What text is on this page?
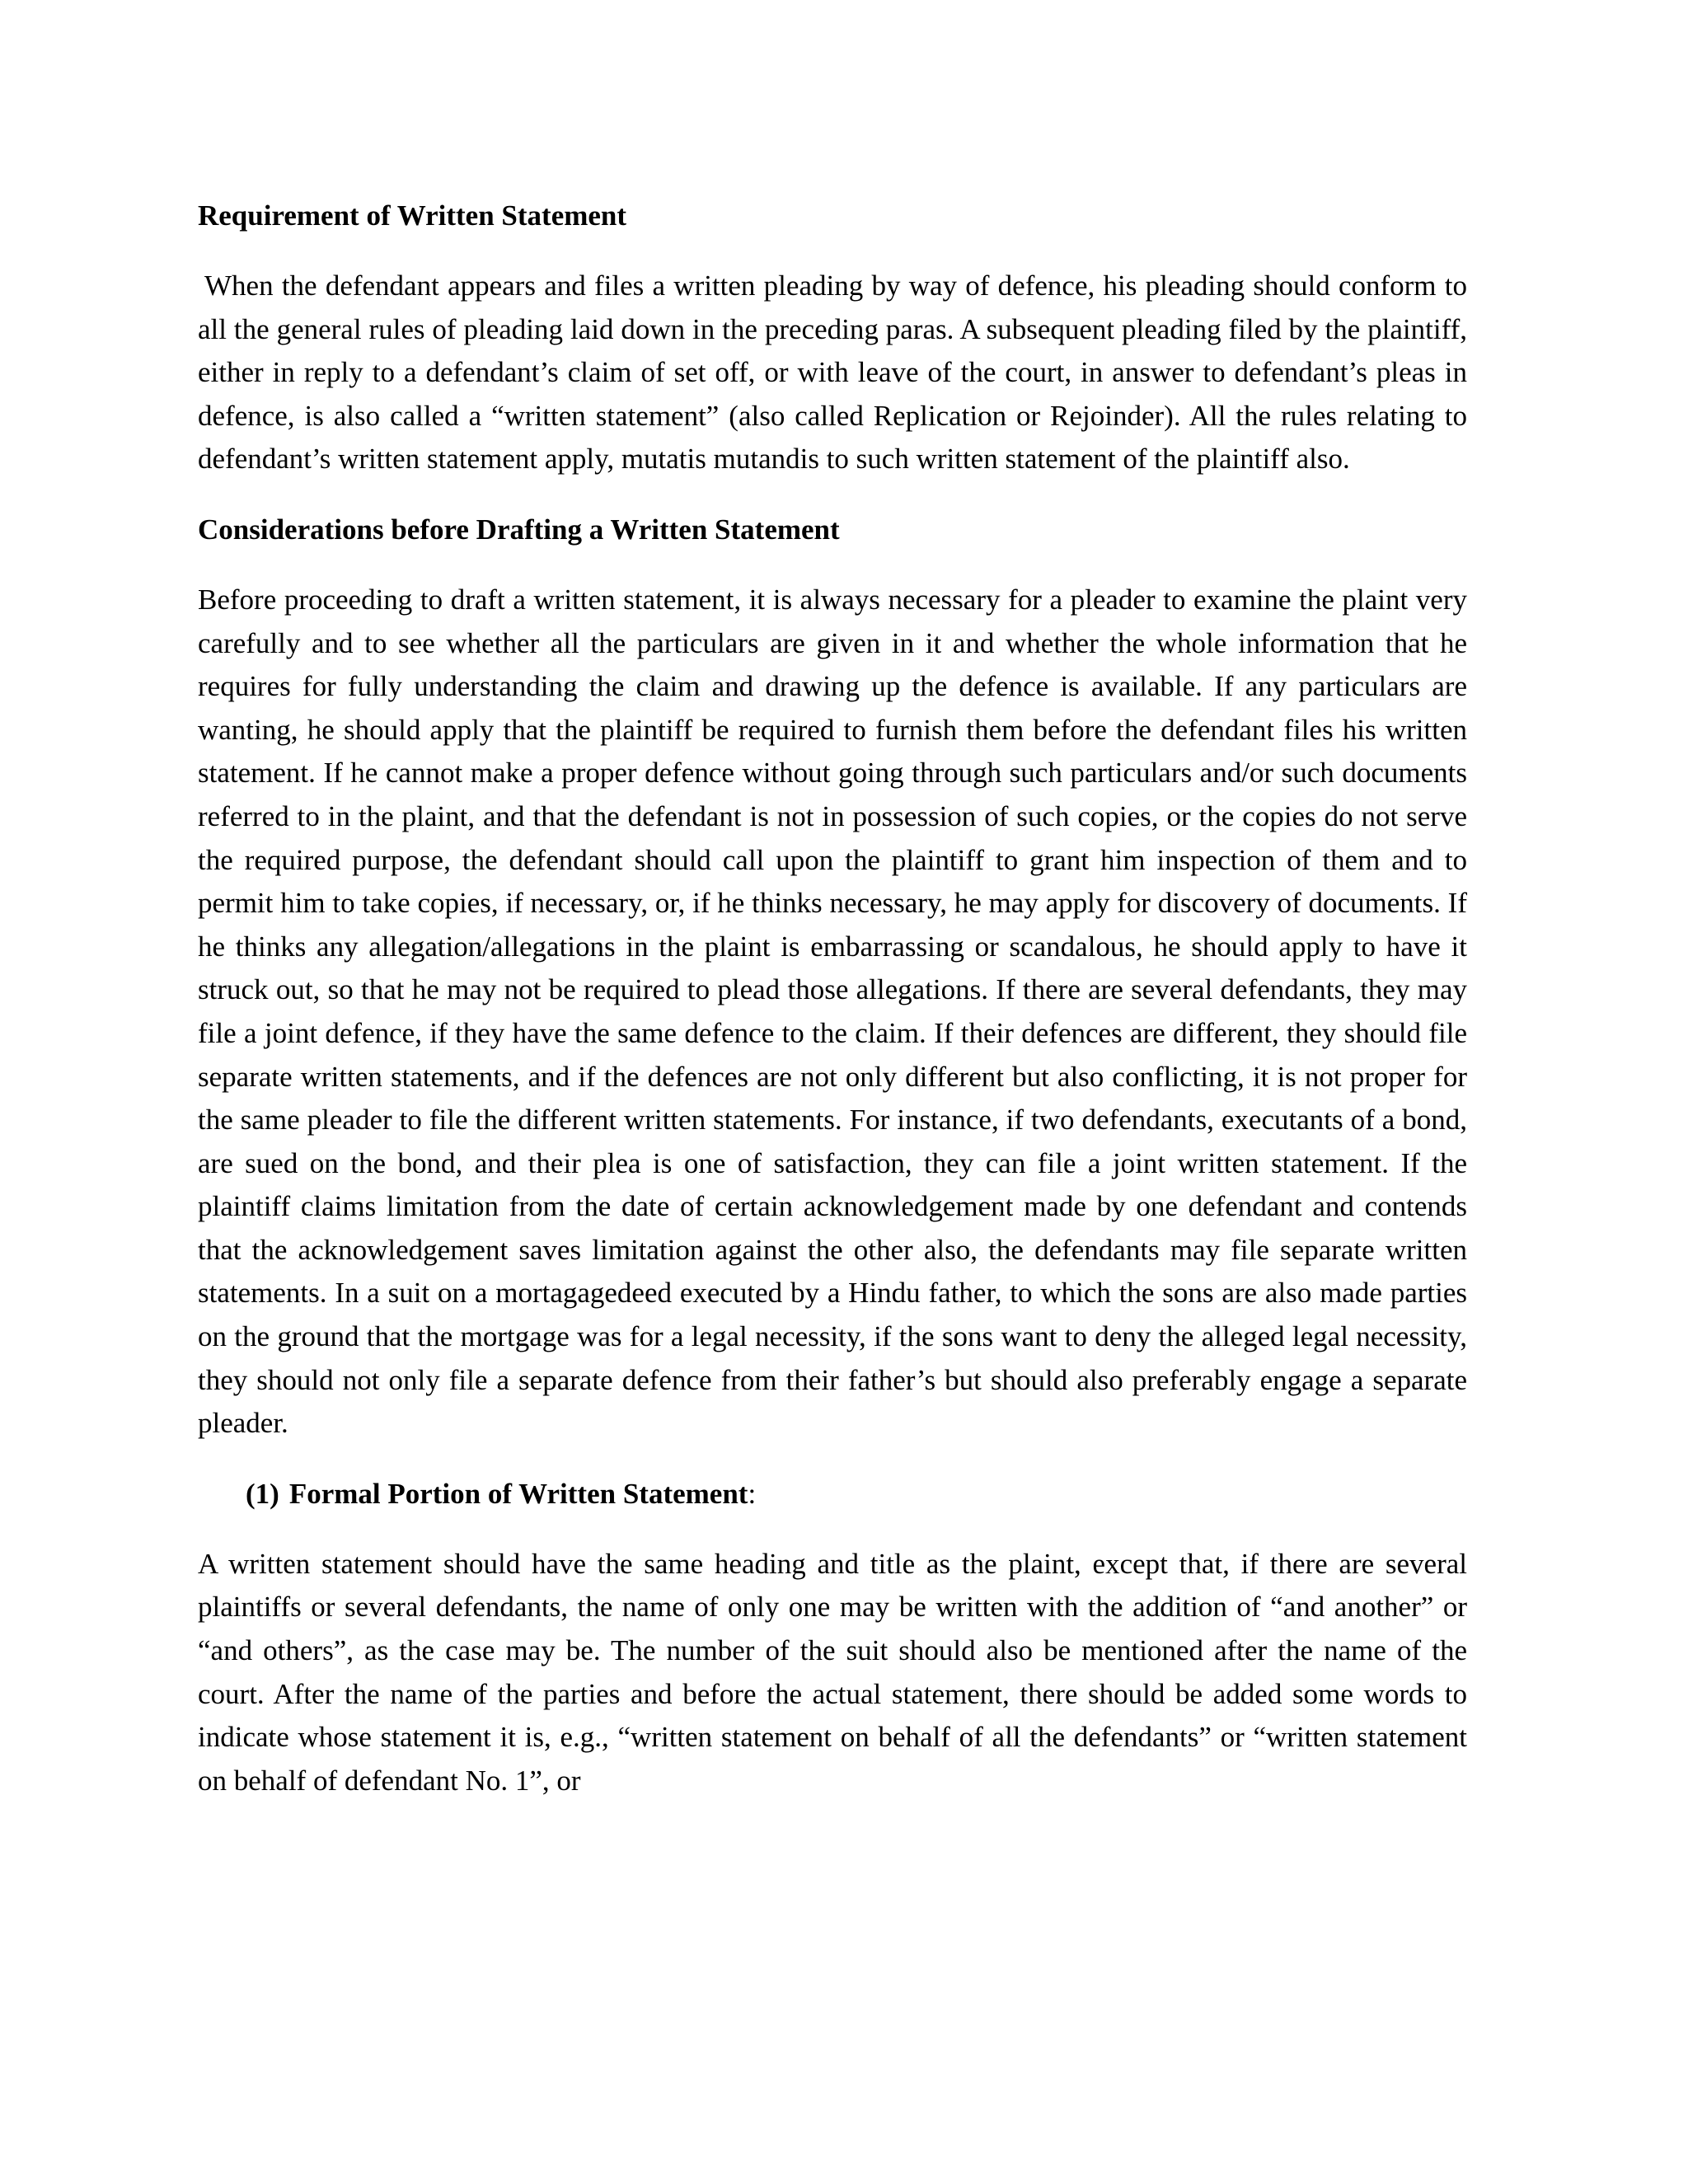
Requirement of Written Statement

When the defendant appears and files a written pleading by way of defence, his pleading should conform to all the general rules of pleading laid down in the preceding paras. A subsequent pleading filed by the plaintiff, either in reply to a defendant’s claim of set off, or with leave of the court, in answer to defendant’s pleas in defence, is also called a “written statement” (also called Replication or Rejoinder). All the rules relating to defendant’s written statement apply, mutatis mutandis to such written statement of the plaintiff also.

Considerations before Drafting a Written Statement

Before proceeding to draft a written statement, it is always necessary for a pleader to examine the plaint very carefully and to see whether all the particulars are given in it and whether the whole information that he requires for fully understanding the claim and drawing up the defence is available. If any particulars are wanting, he should apply that the plaintiff be required to furnish them before the defendant files his written statement. If he cannot make a proper defence without going through such particulars and/or such documents referred to in the plaint, and that the defendant is not in possession of such copies, or the copies do not serve the required purpose, the defendant should call upon the plaintiff to grant him inspection of them and to permit him to take copies, if necessary, or, if he thinks necessary, he may apply for discovery of documents. If he thinks any allegation/allegations in the plaint is embarrassing or scandalous, he should apply to have it struck out, so that he may not be required to plead those allegations. If there are several defendants, they may file a joint defence, if they have the same defence to the claim. If their defences are different, they should file separate written statements, and if the defences are not only different but also conflicting, it is not proper for the same pleader to file the different written statements. For instance, if two defendants, executants of a bond, are sued on the bond, and their plea is one of satisfaction, they can file a joint written statement. If the plaintiff claims limitation from the date of certain acknowledgement made by one defendant and contends that the acknowledgement saves limitation against the other also, the defendants may file separate written statements. In a suit on a mortagagedeed executed by a Hindu father, to which the sons are also made parties on the ground that the mortgage was for a legal necessity, if the sons want to deny the alleged legal necessity, they should not only file a separate defence from their father’s but should also preferably engage a separate pleader.

(1) Formal Portion of Written Statement:

A written statement should have the same heading and title as the plaint, except that, if there are several plaintiffs or several defendants, the name of only one may be written with the addition of “and another” or “and others”, as the case may be. The number of the suit should also be mentioned after the name of the court. After the name of the parties and before the actual statement, there should be added some words to indicate whose statement it is, e.g., “written statement on behalf of all the defendants” or “written statement on behalf of defendant No. 1”, or
